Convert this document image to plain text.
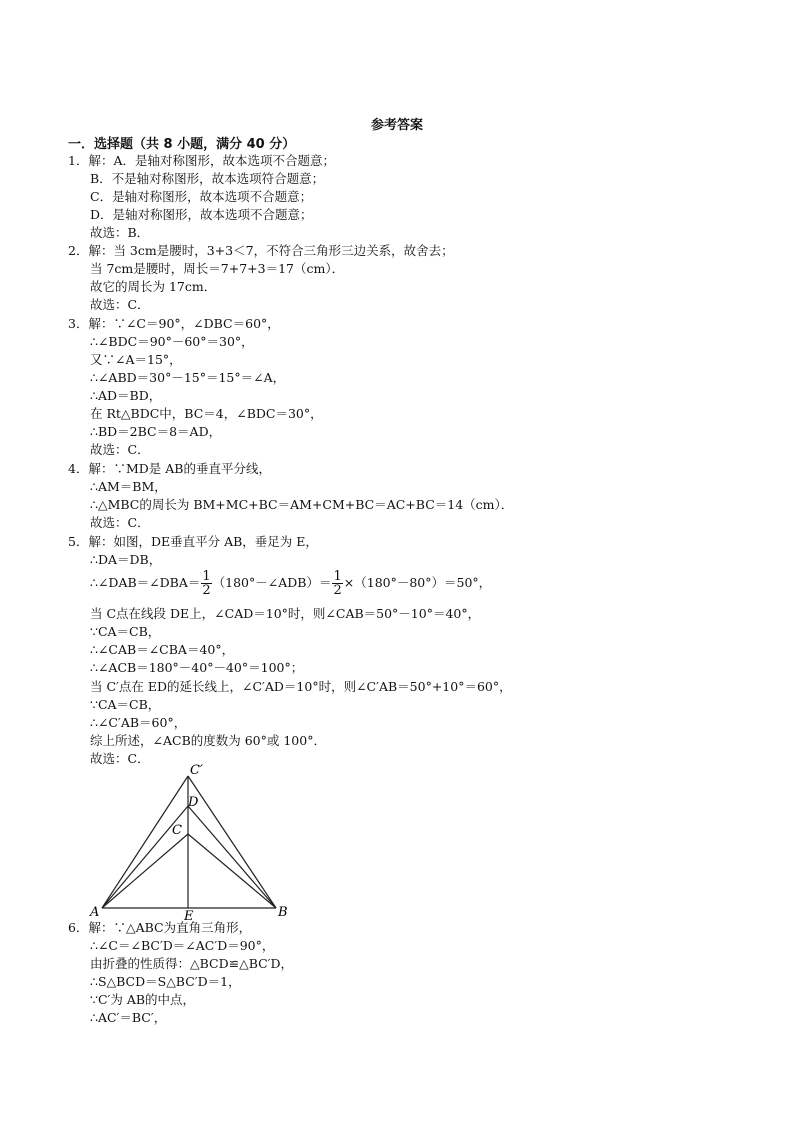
参考答案
一．选择题（共 8 小题，满分 40 分）
1．解：A．是轴对称图形，故本选项不合题意；
B．不是轴对称图形，故本选项符合题意；
C．是轴对称图形，故本选项不合题意；
D．是轴对称图形，故本选项不合题意；
故选：B．
2．解：当 3cm是腰时，3+3＜7，不符合三角形三边关系，故舍去；
当 7cm是腰时，周长＝7+7+3＝17（cm）．
故它的周长为 17cm．
故选：C．
3．解：∵∠C＝90°，∠DBC＝60°，
∴∠BDC＝90°－60°＝30°，
又∵∠A＝15°，
∴∠ABD＝30°－15°＝15°＝∠A，
∴AD＝BD，
在 Rt△BDC中，BC＝4，∠BDC＝30°，
∴BD＝2BC＝8＝AD，
故选：C．
4．解：∵MD是 AB的垂直平分线，
∴AM＝BM，
∴△MBC的周长为 BM+MC+BC＝AM+CM+BC＝AC+BC＝14（cm）．
故选：C．
5．解：如图，DE垂直平分 AB，垂足为 E，
∴DA＝DB，
∴∠DAB＝∠DBA＝ $\frac{1}{2}$ （180°－∠ADB）＝ $\frac{1}{2} \times(180^\circ-80^\circ)=50^\circ$，
当 C点在线段 DE上，∠CAD＝10°时，则∠CAB＝50°－10°＝40°，
∵CA＝CB，
∴∠CAB＝∠CBA＝40°，
∴∠ACB＝180°－40°－40°＝100°；
当 C′点在 ED的延长线上，∠C′AD＝10°时，则∠C′AB＝50°+10°＝60°，
∵CA＝CB，
∴∠C′AB＝60°，
综上所述，∠ACB的度数为 60°或 100°．
故选：C．
C′
D
C
A	E	B
6．解：∵△ABC为直角三角形，
∴∠C＝∠BC′D＝∠AC′D＝90°，
由折叠的性质得：△BCD≌△BC′D，
∴S△BCD＝S△BC′D＝1，
∵C′为 AB的中点，
∴AC′＝BC′，
